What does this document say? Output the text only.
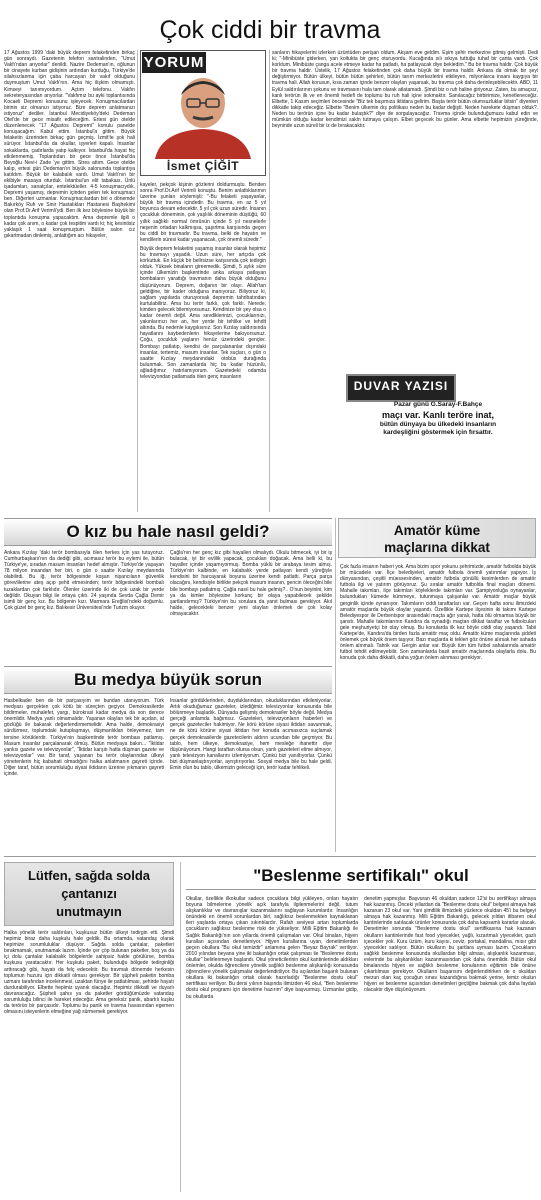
Çok ciddi bir travma

17 Ağustos 1999 'daki büyük deprem felaketinden birkaç gün sonraydı. Gazetenin telefon santralinden, "Umut Vakfı'ndan arıyorlar" denildi. Nazire Dedeman'ın, oğlunun bir cinayete kurban gidişinin ardından kurduğu, Türkiye'de silahsızlanma için çaba harcayan bir vakıf olduğunu duymuştum Umut Vakfı'nın. Ama hiç ilişkim olmamıştı. Kimseyi tanımıyordum. Açtım telefonu. Vakfın sekreteryasından arıyorlar. "Vakfımız bu ayki toplantısında Kocaeli Depremi konusunu işleyecek. Konuşmacılardan birinin siz olmanızı istiyoruz. Bize deprem anlatmanızı istiyoruz" dediler. İstanbul Mecidiyeköy'deki Dedeman Otel'de bir gece misafir edileceğim. Ertesi gün otelde düzenlenecek "17 Ağustos Depremi" konulu panelde konuşacağım. Kabul ettim. İstanbul'a gittim. Büyük felaketin üzerinden birkaç gün geçmiş. İzmit'te şok hali sürüyor. İstanbul'da da okullar, işyerleri kapalı. İnsanlar sokaklarda, çadırlarda yatıp kalkıyor. İstanbul'da hayat hiç etkilenmemiş. Toplantıdan bir gece önce İstanbul'da Beyoğlu Nevi-i Zade 'ye gittim. Stres attım. Gece otelde kalıp, ertesi gün Dedeman'ın büyük salonunda toplantıya katıldım. Büyük bir kalabalık vardı. Umut Vakfı'nın bir ekibiyle masaya oturduk. İstanbul'un elit tabakası. Ünlü işadamları, sanatçılar, entelektüeller. 4-5 konuşmacıydık. Depremi yaşamış, depremin içinden gelen tek konuşmacı ben. Diğerleri uzmanlar. Konuşmacılardan biri o dönemde Bakırköy Ruh ve Sinir Hastalıkları Hastanesi Başhekimi olan Prof.Dr.Arif Verimli'ydi. Ben ilk kez böylesine büyük bir toplantıda konuşma yapacaktım. Ama depremle ilgili o kadar çok anım, o kadar çok tespitim vardı ki; hiç kesintisiz yaklaşık 1 saat konuşmuştum. Bütün salon cız gıkartmadan dinlemiş, anlattığım acı hikayeler,

YORUM
İsmet ÇİĞİT

kayeler, pekçok kişinin gözlerini doldurmuştu. Benden sonra Prof.Dr.Arif Verimli konuştu. Benim anlattıklarımın üzerine şunları söylemişti: "-Bu felaketi yaşayanlar, büyük bir travma içindedir. Bu travma, en az 5 yıl boyunca devam edecektir. 5 yıl çok uzun süredir. İnsanın çocukluk döneminin, çok yaşlılık döneminin düştüğü, 60 yıllık sağlıklı normal ömrünün içinde 5 yıl nesnelerle neşenin ortadan kalkmışsa, şaşırtma karşısında geçen bu ciddi bir travmadır. Bu travma, belki de hayatın ve kendilerin süresi kadar yaşanacak, çok önemli süredir."

Büyük deprem felaketini yaşamış insanlar olarak hepimiz bu travmayı yaşadık. Uzun süre, her artçıda çok korkuttuk. En küçük bir belirsizse karşısında çok tedirgin olduk. Yüksek binaların gireemedik. Şimdi, 5 aylık süre içinde ülkemizin başkentinde anka arkaya patlayan bombaların yarattığı travmanın daha büyük olduğunu düşünüyorum. Deprem, doğanın bir olayı. Allah'tan geldiğine, bir kader olduğuna inanıyoruz. Biliyoruz ki, sağlam yapılarda oturuyorsak depremin tahribatından kurtulabiliriz. Ama bu terör farklı, çok farklı. Nerede, kimden gelecek bilemiyorsunuz. Kendinize bir şey olsa o kadar önemli değil. Ama sevdiklerinizi, çocuklarınızı, yakınlarınızı her an, her yerde bir tehlike ve tehdit altında. Bu nedenle kaygılısınız. Son Kızılay saldırısında hayatlarını kaybedenlerin hikayelerine bakıyorsunuz. Çoğu, çocukluk yaşların henüz üzerindeki gençler. Bombayı patlatıp, kendisi de parçalananlar dışındaki insanlar, tertemiz, masum insanlar. Tek suçları, o gün o saatte Kızılay meydanındaki otobüs durağında bulunmak. Son zamanlarda hiç bu kadar hüzünlü, ağladığımız hatırlamıyorum. Gazetedeki odamda televizyondan patlamada ölen genç insanların

sanların hikayelerini izlerken üzüntüden perişan oldum. Akşam eve geldim. Eşim şehir merkezine gitmiş gelmişti. Dedi ki; "-Minibüste giderken, yan koltukta bir genç oturuyordu. Kucağında sılı sıkıya tuttuğu tuhaf bir çanta vardı. Çok korktum. Minibüste çanga acele etmeye kadar ha patladı, ha patlayacak diye bekledim." Bu bir travma haldir. Çok büyük bir travma haldir. Üstelik, 17 Ağustos felaketinden çok daha büyük bir travma haldir. Ankara da olmak bir şeyi değiştirmiyor. Bütün ülkeyi, bütün bütün şehirleri, bütün tarım merkezlerini etkileyen, milyonlarca insanı kaygıya bir travma hali. Allah korusun, kısa zaman içinde benzer olayları yaşarsak, bu travma çok daha derinleşebilecektir. ABD, 11 Eylül saldırılarının şokunu ve travmasını hala tam olarak atlatamadı. Şimdi biz o ruh haline giriyoruz. Zaten, bu amaçsız, kanlı terörün ilk ve en önemli hedefi de toplumu bu ruh hali içine sokmaktır. Sanılacağız birbirimize, kenetleneceğiz. Elbette, 1 Kasım seçimleri öncesinde "Biz tek başımıza iktidara gelirim. Başta terör bütün olumsuzluklar bitsin" diyenleri dikkatle takip edeceğiz. Elbette "Benim ülkemin dış politikası neden bu kadar değişti. Neden harekete düşman olduk?. Neden bu terörün içine bu kadar bulaştık?" diye de sorgulayacağız. Travma içinde bulunduğumuzu kabul edin ve mümkün olduğu kadar kendimizi sakin tutmaya çalışın. Elbet geçecek bu günler. Ama elbette hepimizin yüreğinde, beyninde uzun süreli bir iz de bırakacaktır.

DUVAR YAZISI
Pazar günü G.Saray-F.Bahçe
maçı var. Kanlı teröre inat,
bütün dünyaya bu ülkedeki insanların
kardeşliğini göstermek için fırsattır.
O kız bu hale nasıl geldi?

Ankara Kızılay 'daki terör bombasıyla ölen herkes için yas tutuyoruz. Cumhurbaşkanı'nın da dediği gibi, acımasız terör bu eylemi ile, bütün Türkiye'ye, sıradan masum insanları hedef almıştır. Türkiye'de yaşayan 78 milyon insandan her biri, o gün o saatte Kızılay meydanında olabilirdi. Bu iğ, terör bölgesinde koşan nişancıların güvenlik görevlilerine ateş açıp şehit etmesinden; terör bölgesindeki bombalı tuzaklardan çok farklıdır. Ölenler üzerinde iki de çok uzak bir yerde değildir. Okuyan bilgi ile ortaya çıktı. 24 yaşında Sevda Çağla Demir isimli bir genç kız. Bu bölgenin kızı. Marmara Ereğlisi'ndeki doğumlu. Çok güzel bir genç kız. Balıkesir Üniversitesi'nde Turizm okuyor.

Çağla'nın her genç kız gibi hayalleri olmalıydı. Okulu bitmecek, iyi bir iş bulacak, iyi bir evlilik yapacak, çocukları doğacak. Ama belli ki, bu hayaller içinde yaşamıyormuş. Bomba yüklü bir arabaya tesim almış. Türkiye'nin kalbinde, en kalabalık yerde patlayan kendi yüreğiyle kendisini bir harcayarak boyuna üzerine kendi patlattı. Parça parça olacağını, kendisiyle birlikte pekçok masum insanın, gencin öleceğini bile bile bombayı patlatmış. Çağla nasıl bu hale gelmiş?.. O'nun beyinini, kim ya da kimler böylesine korkunç bir olaya yapabilecek şekilde şartlandırmış? Türkiye'nin bu sorulara da yanıt bulması gerekiyor. Akıl halde, gelecekteki benzer yeni olayları önlemek de çok kolay olmayacaktır.

Bu medya büyük sorun

Hasbelkader ben de bir parçasıyım ve bundan utanıyorum. Türk medyası gerçekten çok kötü bir süreçten geçiyor. Demokrasilerde bildirmeler, muhalefet, yargı, bürokrasi kadar medya da son derece önemlidir. Medya yanlı olmamalıdır. Yaşanan olayları tek bir açıdan, at gözlüğü ile bakarak değerlendirmemelidir. Ama halde, demokrasiyi sürdürmez, toplumdaki kutuplaşmayı, düşmanlıkları önleyemez, tam tersine körüklerdir. Türkiye'nin başkentinde terör bombası patlamış. Masum insanlar parçalanarak ölmüş. Bütün medyaya bakın... "İktidar yanlısı gazete ve televizyonlar", "İktidar karşıtı hatta düşman gazete ve televizyonlar" var. Bir taraf, yaşanan bu terör olaylarından ülkeyi yönetenlerin hiç kabahati olmadığını halka anlatmanın gayreti içinde. Diğer taraf, bütün sorumluluğu siyasi iktidarın üzerine yıkmanın gayreti içinde.

İnsanlar gördüklerinden, duyduklarından, okuduklarından etkileniyorlar. Artık okuduğumuz gazeteler, izlediğimiz televizyonlar konusunda bile bölünmeye başladık. Dünyada gelişmiş demokrasiler böyle değil. Medya gerçeği anlamda bağımsız. Gazeteleri, televizyonların haberleri ve gerçek gazeteciler hakimiyor. Ne körü körüne siyasi iktidarı savunmak, ne de körü körüne siyasi iktidarı her konuda acımasızca suçlamak gerçek demokrasilerde gazetecilerin aldırın ucundan bile geçmiyor. Bu tablo, hem ülkeye, demokrasiye, hem mesleğe ihanettir diye düşünüyorum. Hangi taraftan olursa olsun, yanlı gazeteleri elime almıyor, yanlı televizyon kanallarını izlemiyorum. Çünkü bizi yanıltıyorlar. Çünkü bizi düşmanlaştırıyorlar, ayrıştırıyorlar. Sosyal medya bile bu hale geldi. Emin olun bu tablo, ülkemizin geleceği için, terör kadar tehlikeli.

Amatör küme
maçlarına dikkat

Çok fazla insanın haberi yok. Ama bizim spor yokunu şehrimizde, amatör futbolda büyük bir mücadele var. İlçe belediyeleri, amatör futbola önemli yatırımlar yapıyor. İş dünyasından, çeşitli müessesinden, amatör futbola gönüllü kesimlerden de amatör futbola ilgi ve yatırım görüyoruz. Şu sıralar amatör futbolda final maçları dönemi. Mahalle takımları, ilçe takımları köyleklerde takımları var. Şampiyonluğa oynayanlar, bulundukları kümede kümmeye, tutunmaya çalışanlar var. Amatör maçlar büyük gerginlik içinde oynanıyor. Takımların ciddi taraftarları var. Geçen hafta sonu ilimizdeki amatör maçlarda büyük olaylar yaşandı. Özellikle Kartepe ilçesinin iki takımı Kartepe Belediyespor ile Derbentspor arasındaki maçta ağır yaralı, hatta ölü olmamsa büyük bir şanstı. Mahalle takımlarının Kandıra da oynadığı maçtan dikkat taraftar ve futbolcuları gele meşhuriyetçi bir olay olmuş. Bu konularda ilk kez böyle ciddi olay yaşandı. Tabii Kartepe'de, Kandıra'da birden fazla amatör maç oldu. Amatör küme maçlarında şiddeti önlemek çok büyük önem taşıyor. Bazı maçlarda ki tekleri göz önüne alırsak her sahada önlem alınmalı. Tahrik var. Gergin anlar var. Büyük tüm tüm futbol sahalarında amatör futbol tehdit edilmeyebilir. Son zamanlarda basit amatör maçlarında olaylarla dolu. Bu konuda çok daha dikkatli, daha yoğun önlem alınması gerekiyor.

Lütfen, sağda solda
çantanızı
unutmayın

Halka yönelik terör saldırıları, kuşkusuz bütün ülkeyi tedirgin etti. Şimdi hepimiz biraz daha kuşkulu hale geldik. Bu ortamda, vatandaş olarak hepimize sorumluluklar düşüyor. Sağda solda çantalar, paketleri bırakmamak, unutmamak lazım. İçinde çer çöp bulunan paketler, boş ya da içi dolu çantalar kalabalık bölgelerde sahipsiz halde görülürse, bomba kuşkusu yaratacaktır. Her kuşkulu paket, bulunduğu bölgede tedirginliği arttıracağı gibi, hayatı da felç edecektir. Bu travmalı dönemde herkesin toplumun huzuru için dikkatli olması gerekiyor. Bir şüpheli paketin bomba uzmanı tarafından incelenmesi, uzaktan fünye ile patlatılması, şehirde hayatı durdurabiliyor. Elbette hepimiz uyanık olacağız. Hepimiz dikkatli ve duyarlı davranacağız. Şüpheli şahıs ya da paketler gördüğümüzde vatandaş sorumluluğu bilinci ile hareket edeceğiz. Ama gereksiz panik, abartılı kuşku da terörün bir parçasıdır. Toplumu bu panik ve travma havasından egemen olmasını isteyenlerin elmeğine yağ sürmemek gerekiyor.

"Beslenme sertifikalı" okul

Okullar, özellikle ilkokullar sadece çocuklara bilgi yükleyen, onları hayatın boyuna bilmelerine yönelik açık tarafıyla ilgilenmelerini değil, tutum alışkanlıklar ve davranışlar kazanmalarını sağlayan kurumlardır. İnsanlığın önündeki en önemli sorunlardan biri, sağlıksız beslenmekten kaynaklanan ileri yaşlarda ortaya çıkan sıkıntılardır. Rafah seviyesi artan toplumlarda çocukların sağlıksız beslenme riski de yükseliyor. Milli Eğitim Bakanlığı ile Sağlık Bakanlığı'nın son yıllarda önemli çalışmaları var. Okul binaları, hijyen kuralları açısından denetleniyor. Hijyen kurallarına uyan, denetimlerden geçen okullara "Bu okul temizdir" anlamına gelen "Beyaz Bayrak" veriliyor. 2010 yılından beyana yine iki bakanlığın ortak çalışması ile "Beslenme dostu okullar" belirlenmeye başlandı. Okul yöneticilerinin okul kantinlerinde aldıkları önlemler, okulda öğrencilere yönelik sağlıklı beslenme alışkanlığı konusunda öğrencilere yönelik çalışmalar değerlendiriliyor. Bu açılardan başarılı bulunan okullara iki bakanlığın ortak olarak hazırladığı "Beslenme dostu okul" sertifikası veriliyor. Bu dersi yılının başında ilimizden 46 okul, "Ben beslenme dostu okul programı için denetime hazırım" diye başvurmuş. Uzmanlar gidip, bu okullarda

denetim yapmışlar. Başvuran 46 okuldan sadece 12'si bu sertifikayı almaya hak kazanmış. Önceki yıllardan da "Beslenme dostu okul" belgesi almaya hak kazanan 23 okul var. Yani şimdilik ilimizdeki yüzlerce okuldan 45'i bu belgeyi almaya hak kazanmış. Milli Eğitim Bakanlığı, gelecek yıldan itibaren okul kantinlerinde satılacak ürünler konusunda çok daha kapsamlı kararlar alacak. Denetimler sonunda "Beslenme dostu okul" sertifikasına hak kazanan okulların kantinlerinde fast food yiyecekler, yağlı, kızartmalı yiyecekler, gazlı içecekler yok. Kuru üzüm, kuru kayısı, ceviz, portakal, mandalina, mısır gibi yiyecekler satılıyor. Bütün okulların bu şartlara uyması lazım. Çocukların sağlıklı beslenme konusunda okullardan bilgi alması, alışkanlık kazanması, evlerinde bu alışkanlıkları kazanmasından çok daha önemlidir. Bütün okul binalarında hijyen ve sağlıklı beslenme konularının eğitimin bile önüne çıkartılması gerekiyor. Okulların başarısını değerlendirirken de o okuldan mezun olan kaç çocuğun sınav kazandığına bakmak yerine, temiz okulun hijyen ve beslenme açısından denetimleri geçtiğine bakmak çok daha faydalı olacaktır diye düşünüyorum.
